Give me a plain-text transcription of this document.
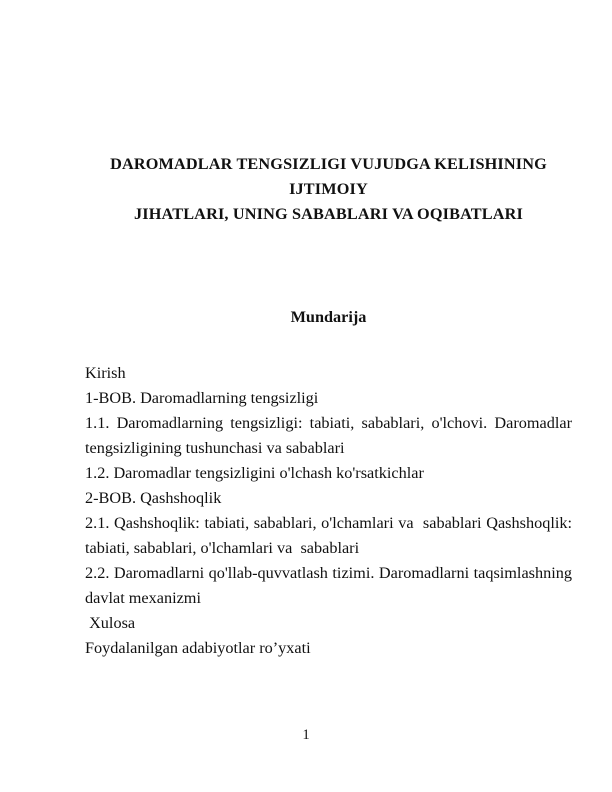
DAROMADLAR TENGSIZLIGI VUJUDGA KELISHINING IJTIMOIY
JIHATLARI, UNING SABABLARI VA OQIBATLARI
Mundarija
Kirish
1-BOB. Daromadlarning tengsizligi
1.1. Daromadlarning tengsizligi: tabiati, sabablari, o'lchovi. Daromadlar tengsizligining tushunchasi va sabablari
1.2. Daromadlar tengsizligini o'lchash ko'rsatkichlar
2-BOB. Qashshoqlik
2.1. Qashshoqlik: tabiati, sabablari, o'lchamlari va  sabablari Qashshoqlik: tabiati, sabablari, o'lchamlari va  sabablari
2.2. Daromadlarni qo'llab-quvvatlash tizimi. Daromadlarni taqsimlashning davlat mexanizmi
Xulosa
Foydalanilgan adabiyotlar ro’yxati
1
